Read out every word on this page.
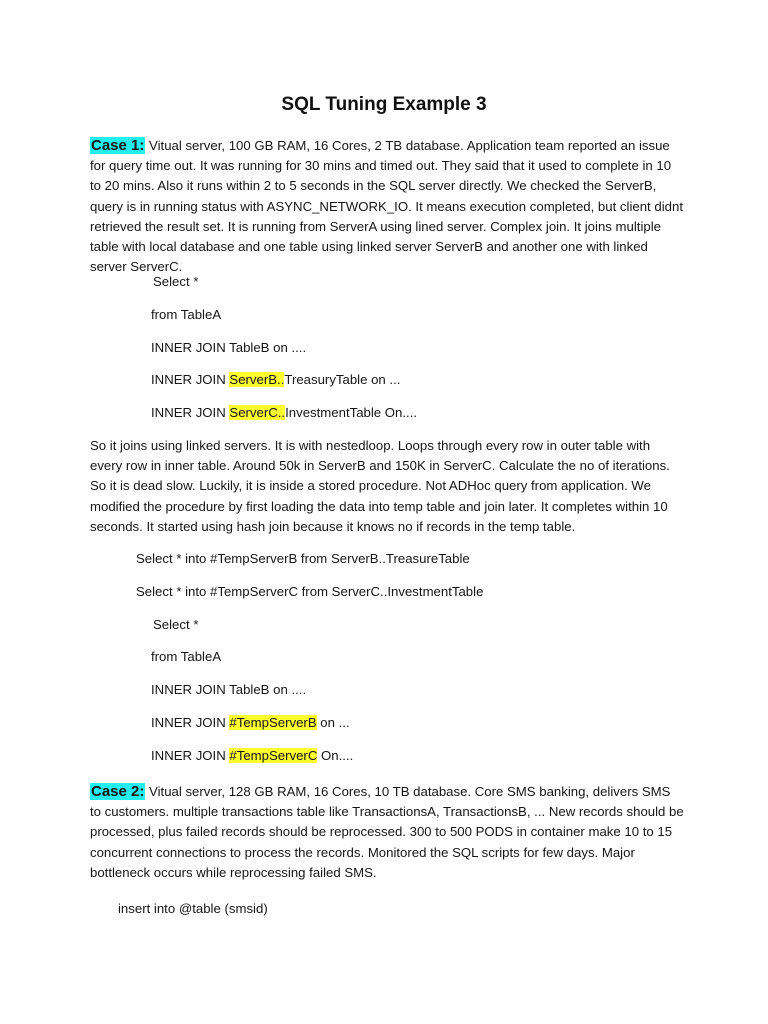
SQL Tuning Example 3
Case 1: Vitual server, 100 GB RAM, 16 Cores, 2 TB database. Application team reported an issue for query time out. It was running for 30 mins and timed out. They said that it used to complete in 10 to 20 mins. Also it runs within 2 to 5 seconds in the SQL server directly. We checked the ServerB, query is in running status with ASYNC_NETWORK_IO. It means execution completed, but client didnt retrieved the result set. It is running from ServerA using lined server. Complex join. It joins multiple table with local database and one table using linked server ServerB and another one with linked server ServerC.
Select *
from TableA
INNER JOIN TableB on ....
INNER JOIN ServerB..TreasuryTable on ...
INNER JOIN ServerC..InvestmentTable On....
So it joins using linked servers. It is with nestedloop. Loops through every row in outer table with every row in inner table. Around 50k in ServerB and 150K in ServerC. Calculate the no of iterations. So it is dead slow. Luckily, it is inside a stored procedure. Not ADHoc query from application. We modified the procedure by first loading the data into temp table and join later. It completes within 10 seconds. It started using hash join because it knows no if records in the temp table.
Select * into #TempServerB from ServerB..TreasureTable
Select * into #TempServerC from ServerC..InvestmentTable
Select *
from TableA
INNER JOIN TableB on ....
INNER JOIN #TempServerB on ...
INNER JOIN #TempServerC On....
Case 2: Vitual server, 128 GB RAM, 16 Cores, 10 TB database. Core SMS banking, delivers SMS to customers. multiple transactions table like TransactionsA, TransactionsB, ... New records should be processed, plus failed records should be reprocessed. 300 to 500 PODS in container make 10 to 15 concurrent connections to process the records. Monitored the SQL scripts for few days. Major bottleneck occurs while reprocessing failed SMS.
insert into @table (smsid)
